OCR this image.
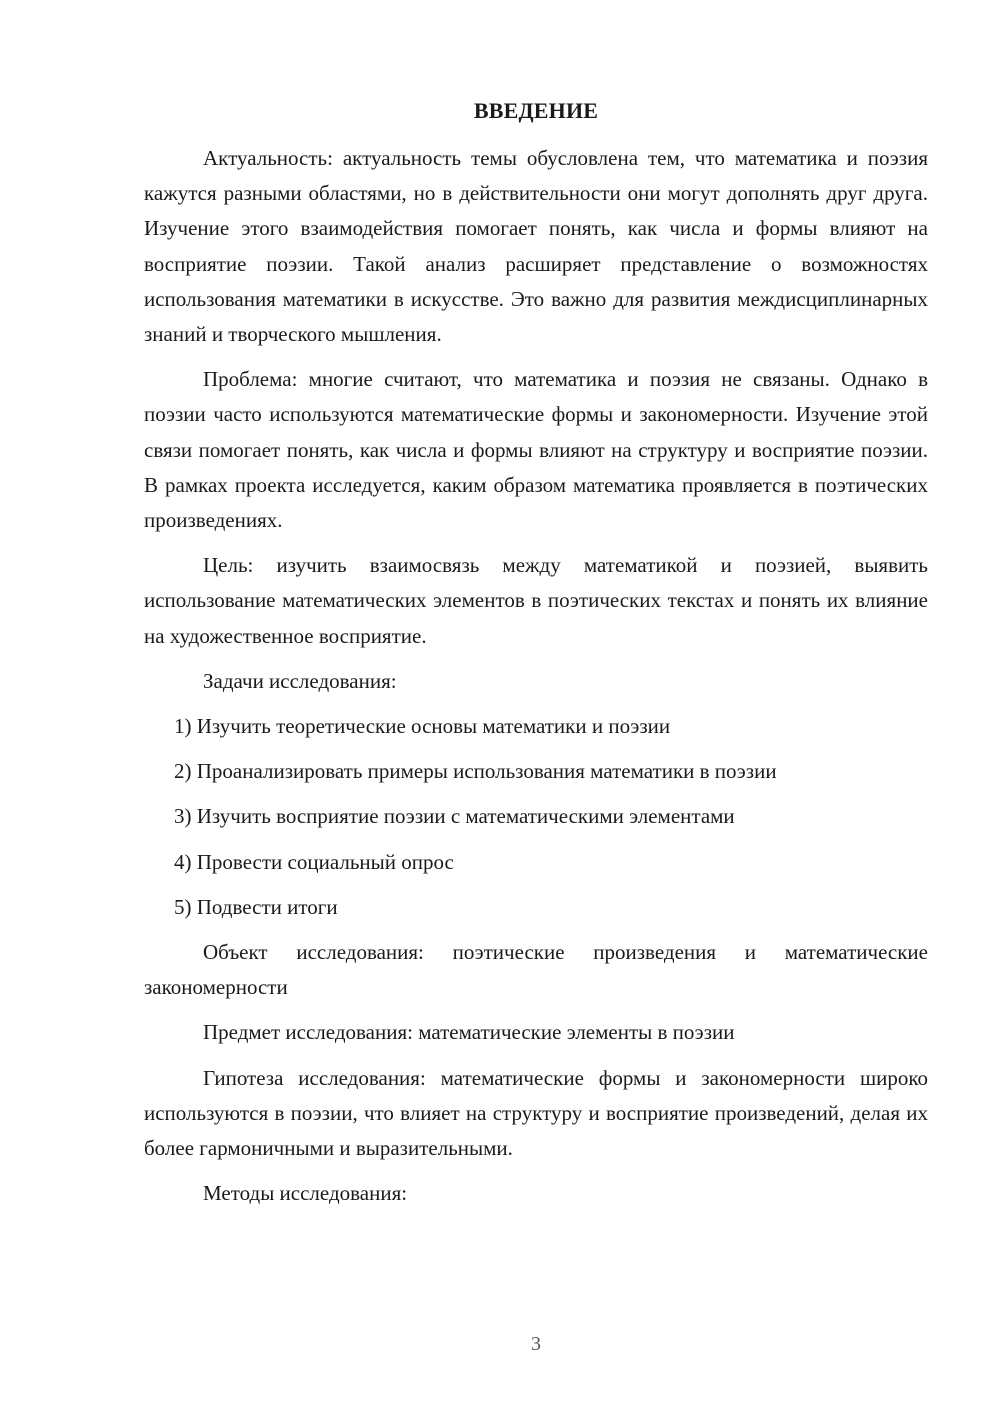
ВВЕДЕНИЕ

Актуальность: актуальность темы обусловлена тем, что математика и поэзия кажутся разными областями, но в действительности они могут дополнять друг друга. Изучение этого взаимодействия помогает понять, как числа и формы влияют на восприятие поэзии. Такой анализ расширяет представление о возможностях использования математики в искусстве. Это важно для развития междисциплинарных знаний и творческого мышления.

Проблема: многие считают, что математика и поэзия не связаны. Однако в поэзии часто используются математические формы и закономерности. Изучение этой связи помогает понять, как числа и формы влияют на структуру и восприятие поэзии. В рамках проекта исследуется, каким образом математика проявляется в поэтических произведениях.

Цель: изучить взаимосвязь между математикой и поэзией, выявить использование математических элементов в поэтических текстах и понять их влияние на художественное восприятие.

Задачи исследования:

1) Изучить теоретические основы математики и поэзии
2) Проанализировать примеры использования математики в поэзии
3) Изучить восприятие поэзии с математическими элементами
4) Провести социальный опрос
5) Подвести итоги

Объект исследования: поэтические произведения и математические закономерности

Предмет исследования: математические элементы в поэзии

Гипотеза исследования: математические формы и закономерности широко используются в поэзии, что влияет на структуру и восприятие произведений, делая их более гармоничными и выразительными.

Методы исследования:

3
